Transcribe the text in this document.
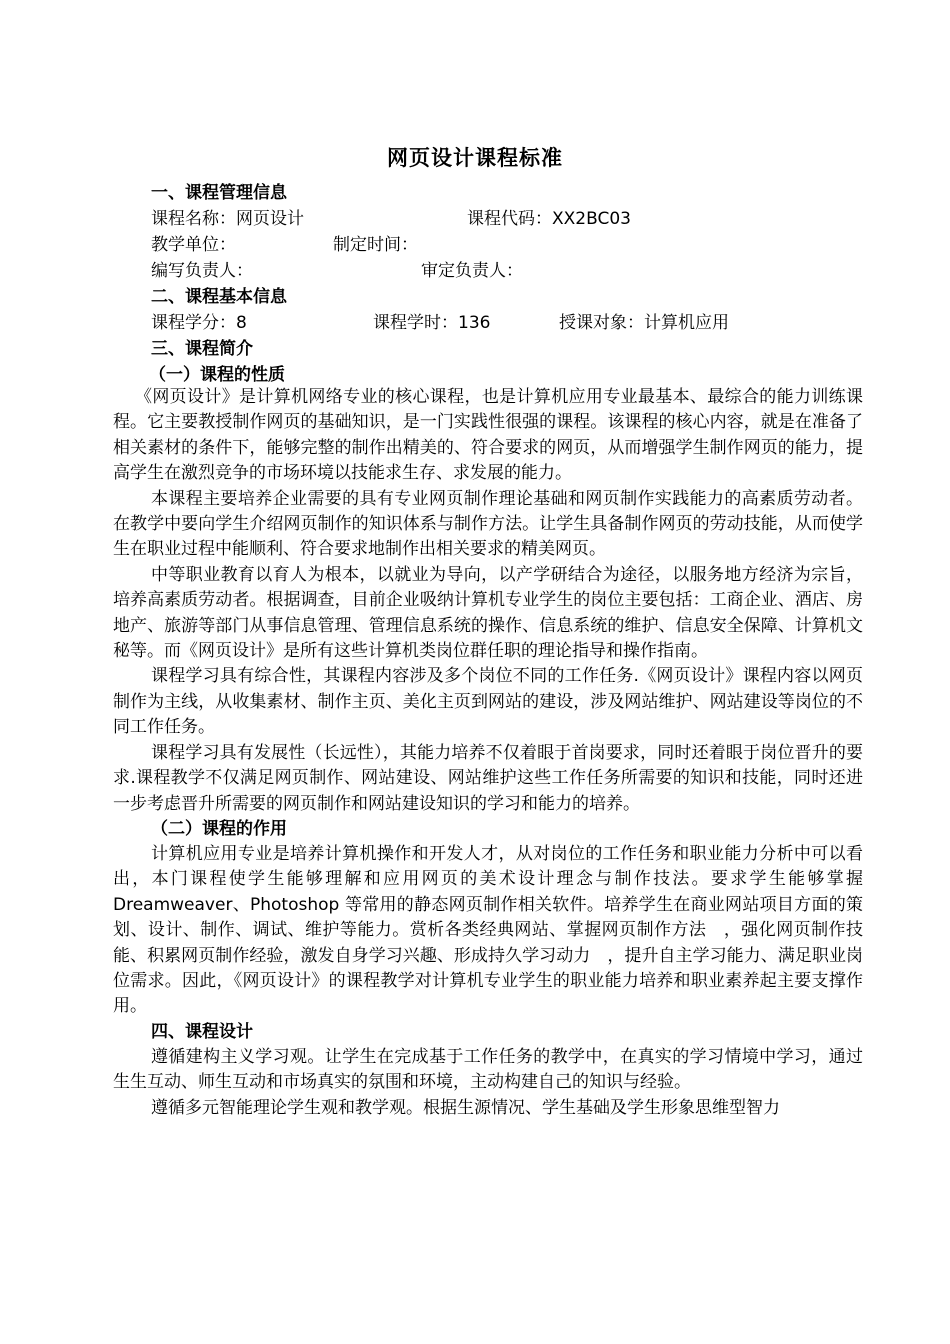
网页设计课程标准
一、课程管理信息
课程名称：网页设计	课程代码：XX2BC03
教学单位：	制定时间：
编写负责人：	审定负责人：
二、课程基本信息
课程学分：8	课程学时：136	授课对象：计算机应用
三、课程简介
（一）课程的性质

《网页设计》是计算机网络专业的核心课程，也是计算机应用专业最基本、最综合的能力训练课程。它主要教授制作网页的基础知识，是一门实践性很强的课程。该课程的核心内容，就是在准备了相关素材的条件下，能够完整的制作出精美的、符合要求的网页，从而增强学生制作网页的能力，提高学生在激烈竞争的市场环境以技能求生存、求发展的能力。

本课程主要培养企业需要的具有专业网页制作理论基础和网页制作实践能力的高素质劳动者。在教学中要向学生介绍网页制作的知识体系与制作方法。让学生具备制作网页的劳动技能，从而使学生在职业过程中能顺利、符合要求地制作出相关要求的精美网页。

中等职业教育以育人为根本，以就业为导向，以产学研结合为途径，以服务地方经济为宗旨，培养高素质劳动者。根据调查，目前企业吸纳计算机专业学生的岗位主要包括：工商企业、酒店、房地产、旅游等部门从事信息管理、管理信息系统的操作、信息系统的维护、信息安全保障、计算机文秘等。而《网页设计》是所有这些计算机类岗位群任职的理论指导和操作指南。

课程学习具有综合性，其课程内容涉及多个岗位不同的工作任务.《网页设计》课程内容以网页制作为主线，从收集素材、制作主页、美化主页到网站的建设，涉及网站维护、网站建设等岗位的不同工作任务。

课程学习具有发展性（长远性），其能力培养不仅着眼于首岗要求，同时还着眼于岗位晋升的要求.课程教学不仅满足网页制作、网站建设、网站维护这些工作任务所需要的知识和技能，同时还进一步考虑晋升所需要的网页制作和网站建设知识的学习和能力的培养。

（二）课程的作用

计算机应用专业是培养计算机操作和开发人才，从对岗位的工作任务和职业能力分析中可以看出，本门课程使学生能够理解和应用网页的美术设计理念与制作技法。要求学生能够掌握 Dreamweaver、Photoshop 等常用的静态网页制作相关软件。培养学生在商业网站项目方面的策划、设计、制作、调试、维护等能力。赏析各类经典网站、掌握网页制作方法　，强化网页制作技能、积累网页制作经验，激发自身学习兴趣、形成持久学习动力　，提升自主学习能力、满足职业岗位需求。因此，《网页设计》的课程教学对计算机专业学生的职业能力培养和职业素养起主要支撑作用。

四、课程设计

遵循建构主义学习观。让学生在完成基于工作任务的教学中，在真实的学习情境中学习，通过生生互动、师生互动和市场真实的氛围和环境，主动构建自己的知识与经验。

遵循多元智能理论学生观和教学观。根据生源情况、学生基础及学生形象思维型智力
